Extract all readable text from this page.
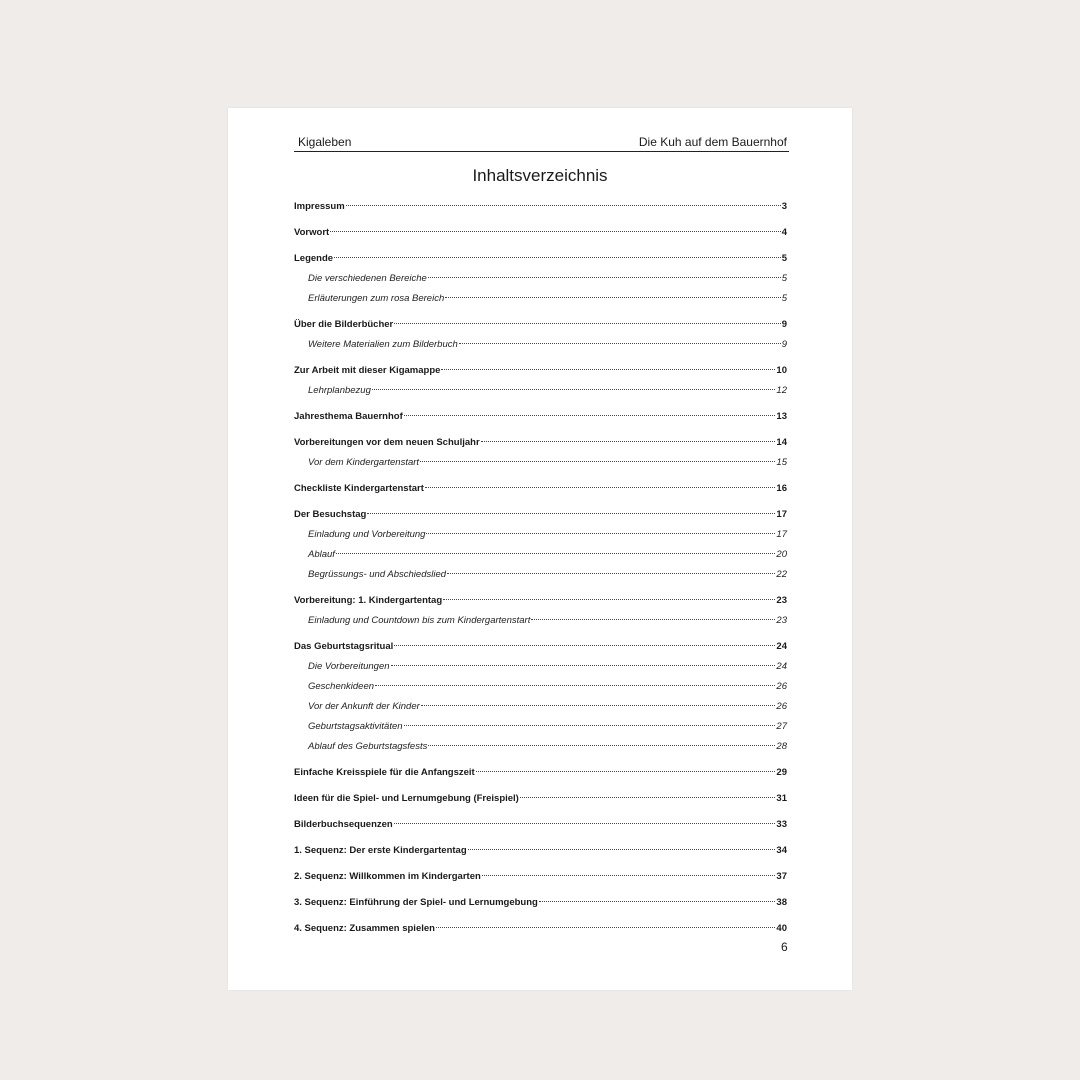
Kigaleben	Die Kuh auf dem Bauernhof
Inhaltsverzeichnis
Impressum	3
Vorwort	4
Legende	5
Die verschiedenen Bereiche	5
Erläuterungen zum rosa Bereich	5
Über die Bilderbücher	9
Weitere Materialien zum Bilderbuch	9
Zur Arbeit mit dieser Kigamappe	10
Lehrplanbezug	12
Jahresthema Bauernhof	13
Vorbereitungen vor dem neuen Schuljahr	14
Vor dem Kindergartenstart	15
Checkliste Kindergartenstart	16
Der Besuchstag	17
Einladung und Vorbereitung	17
Ablauf	20
Begrüssungs- und Abschiedslied	22
Vorbereitung: 1. Kindergartentag	23
Einladung und Countdown bis zum Kindergartenstart	23
Das Geburtstagsritual	24
Die Vorbereitungen	24
Geschenkideen	26
Vor der Ankunft der Kinder	26
Geburtstagsaktivitäten	27
Ablauf des Geburtstagsfests	28
Einfache Kreisspiele für die Anfangszeit	29
Ideen für die Spiel- und Lernumgebung (Freispiel)	31
Bilderbuchsequenzen	33
1. Sequenz: Der erste Kindergartentag	34
2. Sequenz: Willkommen im Kindergarten	37
3. Sequenz: Einführung der Spiel- und Lernumgebung	38
4. Sequenz: Zusammen spielen	40
6
